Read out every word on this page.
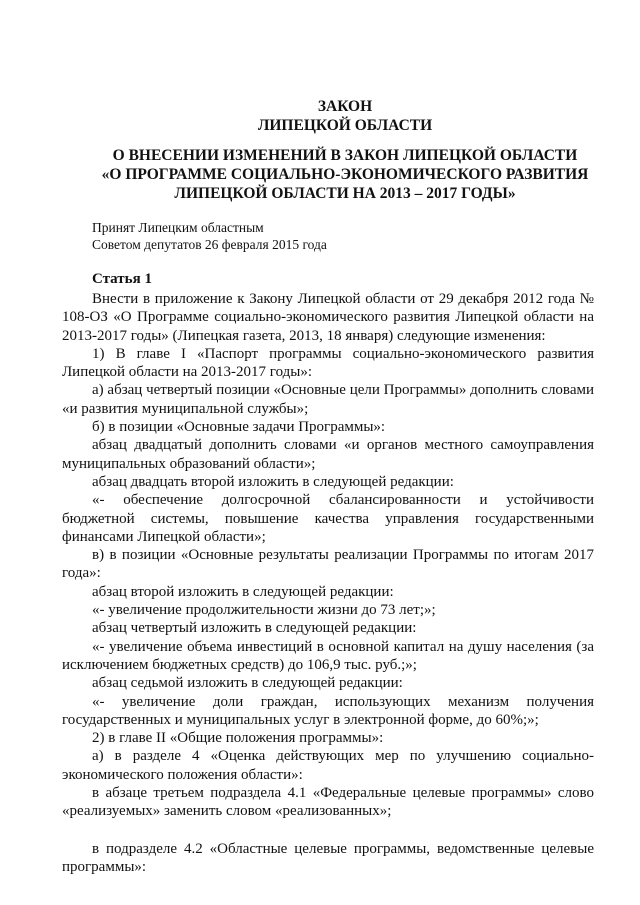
ЗАКОН
ЛИПЕЦКОЙ ОБЛАСТИ
О ВНЕСЕНИИ ИЗМЕНЕНИЙ В ЗАКОН ЛИПЕЦКОЙ ОБЛАСТИ
«О ПРОГРАММЕ СОЦИАЛЬНО-ЭКОНОМИЧЕСКОГО РАЗВИТИЯ
ЛИПЕЦКОЙ ОБЛАСТИ НА 2013 – 2017 ГОДЫ»
Принят Липецким областным
Советом депутатов 26 февраля 2015 года
Статья 1

Внести в приложение к Закону Липецкой области от 29 декабря 2012 года № 108-ОЗ «О Программе социально-экономического развития Липецкой области на 2013-2017 годы» (Липецкая газета, 2013, 18 января) следующие изменения:

1) В главе I «Паспорт программы социально-экономического развития Липецкой области на 2013-2017 годы»:

а) абзац четвертый позиции «Основные цели Программы» дополнить словами «и развития муниципальной службы»;

б) в позиции «Основные задачи Программы»:

абзац двадцатый дополнить словами «и органов местного самоуправления муниципальных образований области»;

абзац двадцать второй изложить в следующей редакции:

«- обеспечение долгосрочной сбалансированности и устойчивости бюджетной системы, повышение качества управления государственными финансами Липецкой области»;

в) в позиции «Основные результаты реализации Программы по итогам 2017 года»:

абзац второй изложить в следующей редакции:

«- увеличение продолжительности жизни до 73 лет;»;

абзац четвертый изложить в следующей редакции:

«- увеличение объема инвестиций в основной капитал на душу населения (за исключением бюджетных средств) до 106,9 тыс. руб.;»;

абзац седьмой изложить в следующей редакции:

«- увеличение доли граждан, использующих механизм получения государственных и муниципальных услуг в электронной форме, до 60%;»;

2) в главе II «Общие положения программы»:

а) в разделе 4 «Оценка действующих мер по улучшению социально-экономического положения области»:

в абзаце третьем подраздела 4.1 «Федеральные целевые программы» слово «реализуемых» заменить словом «реализованных»;

в подразделе 4.2 «Областные целевые программы, ведомственные целевые программы»:
